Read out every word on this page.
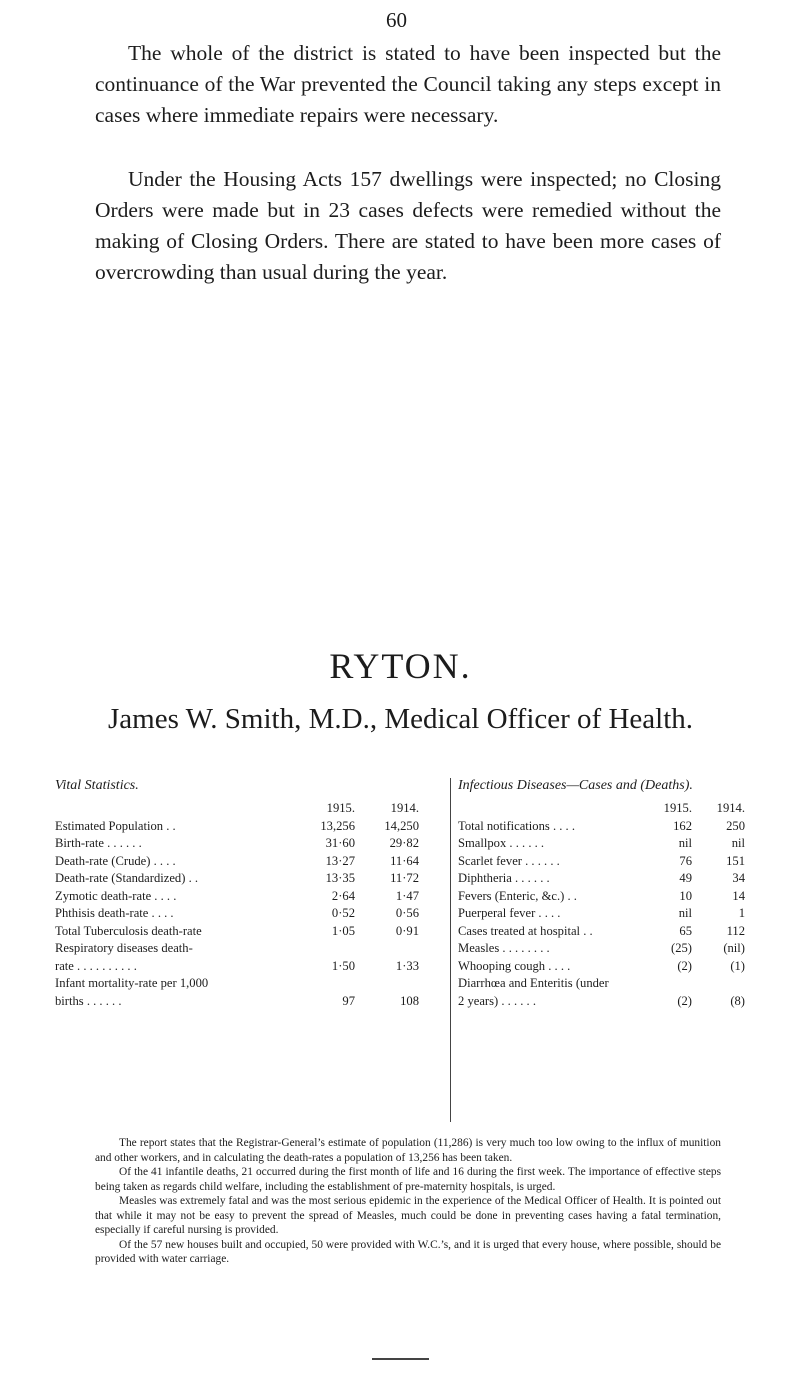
60

The whole of the district is stated to have been inspected but the continuance of the War prevented the Council taking any steps except in cases where immediate repairs were necessary.

Under the Housing Acts 157 dwellings were inspected; no Closing Orders were made but in 23 cases defects were remedied without the making of Closing Orders. There are stated to have been more cases of overcrowding than usual during the year.

RYTON.
James W. Smith, M.D., Medical Officer of Health.
Vital Statistics.
1915.	1914.
Estimated Population . .	13,256 14,250
Birth-rate . . . . . .	31·60	29·82
Death-rate (Crude) . . . .	13·27	11·64
Death-rate (Standardized) . .	13·35	11·72
Zymotic death-rate . . . .	2·64	1·47
Phthisis death-rate . . . .	0·52	0·56
Total Tuberculosis death-rate	1·05	0·91
Respiratory diseases death-
rate . . . . . . . . . .	1·50	1·33
Infant mortality-rate per 1,000
births . . . . . .	97	108
Infectious Diseases—Cases and (Deaths).
1915. 1914.
Total notifications . . . .	162	250
Smallpox . . . . . .	nil	nil
Scarlet fever . . . . . .	76	151
Diphtheria . . . . . .	49	34
Fevers (Enteric, &c.) . .	10	14
Puerperal fever . . . .	nil	1
Cases treated at hospital . .	65	112
Measles . . . . . . . .	(25) (nil)
Whooping cough . . . .	(2)	(1)
Diarrhœa and Enteritis (under
2 years) . . . . . .	(2)	(8)

The report states that the Registrar-General’s estimate of population (11,286) is very much too low owing to the influx of munition and other workers, and in calculating the death-rates a population of 13,256 has been taken.

Of the 41 infantile deaths, 21 occurred during the first month of life and 16 during the first week. The importance of effective steps being taken as regards child welfare, including the establishment of pre-maternity hospitals, is urged.

Measles was extremely fatal and was the most serious epidemic in the experience of the Medical Officer of Health. It is pointed out that while it may not be easy to prevent the spread of Measles, much could be done in preventing cases having a fatal termination, especially if careful nursing is provided.

Of the 57 new houses built and occupied, 50 were provided with W.C.’s, and it is urged that every house, where possible, should be provided with water carriage.
